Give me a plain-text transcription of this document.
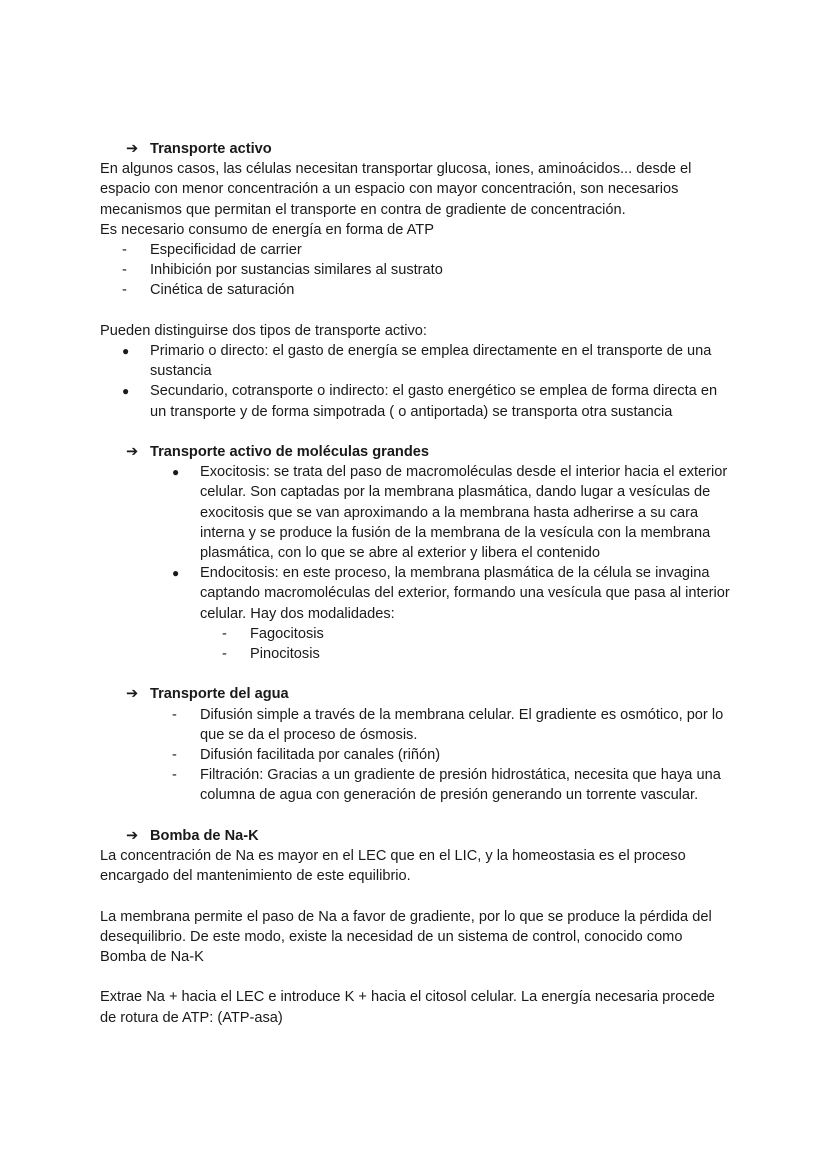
➔ Transporte activo

En algunos casos, las células necesitan transportar glucosa, iones, aminoácidos... desde el espacio con menor concentración a un espacio con mayor concentración, son necesarios mecanismos que permitan el transporte en contra de gradiente de concentración.

Es necesario consumo de energía en forma de ATP

-	Especificidad de carrier
-	Inhibición por sustancias similares al sustrato
-	Cinética de saturación

Pueden distinguirse dos tipos de transporte activo:

●	Primario o directo: el gasto de energía se emplea directamente en el transporte de una sustancia
●	Secundario, cotransporte o indirecto: el gasto energético se emplea de forma directa en un transporte y de forma simpotrada ( o antiportada) se transporta otra sustancia
➔ Transporte activo de moléculas grandes
●	Exocitosis: se trata del paso de macromoléculas desde el interior hacia el exterior celular. Son captadas por la membrana plasmática, dando lugar a vesículas de exocitosis que se van aproximando a la membrana hasta adherirse a su cara interna y se produce la fusión de la membrana de la vesícula con la membrana plasmática, con lo que se abre al exterior y libera el contenido
●	Endocitosis: en este proceso, la membrana plasmática de la célula se invagina captando macromoléculas del exterior, formando una vesícula que pasa al interior celular. Hay dos modalidades:
-	Fagocitosis
-	Pinocitosis
➔ Transporte del agua
-	Difusión simple a través de la membrana celular. El gradiente es osmótico, por lo que se da el proceso de ósmosis.
-	Difusión facilitada por canales (riñón)
-	Filtración: Gracias a un gradiente de presión hidrostática, necesita que haya una columna de agua con generación de presión generando un torrente vascular.
➔ Bomba de Na-K

La concentración de Na es mayor en el LEC que en el LIC, y la homeostasia es el proceso encargado del mantenimiento de este equilibrio.

La membrana permite el paso de Na a favor de gradiente, por lo que se produce la pérdida del desequilibrio. De este modo, existe la necesidad de un sistema de control, conocido como Bomba de Na-K

Extrae Na + hacia el LEC e introduce K + hacia el citosol celular. La energía necesaria procede de rotura de ATP: (ATP-asa)
